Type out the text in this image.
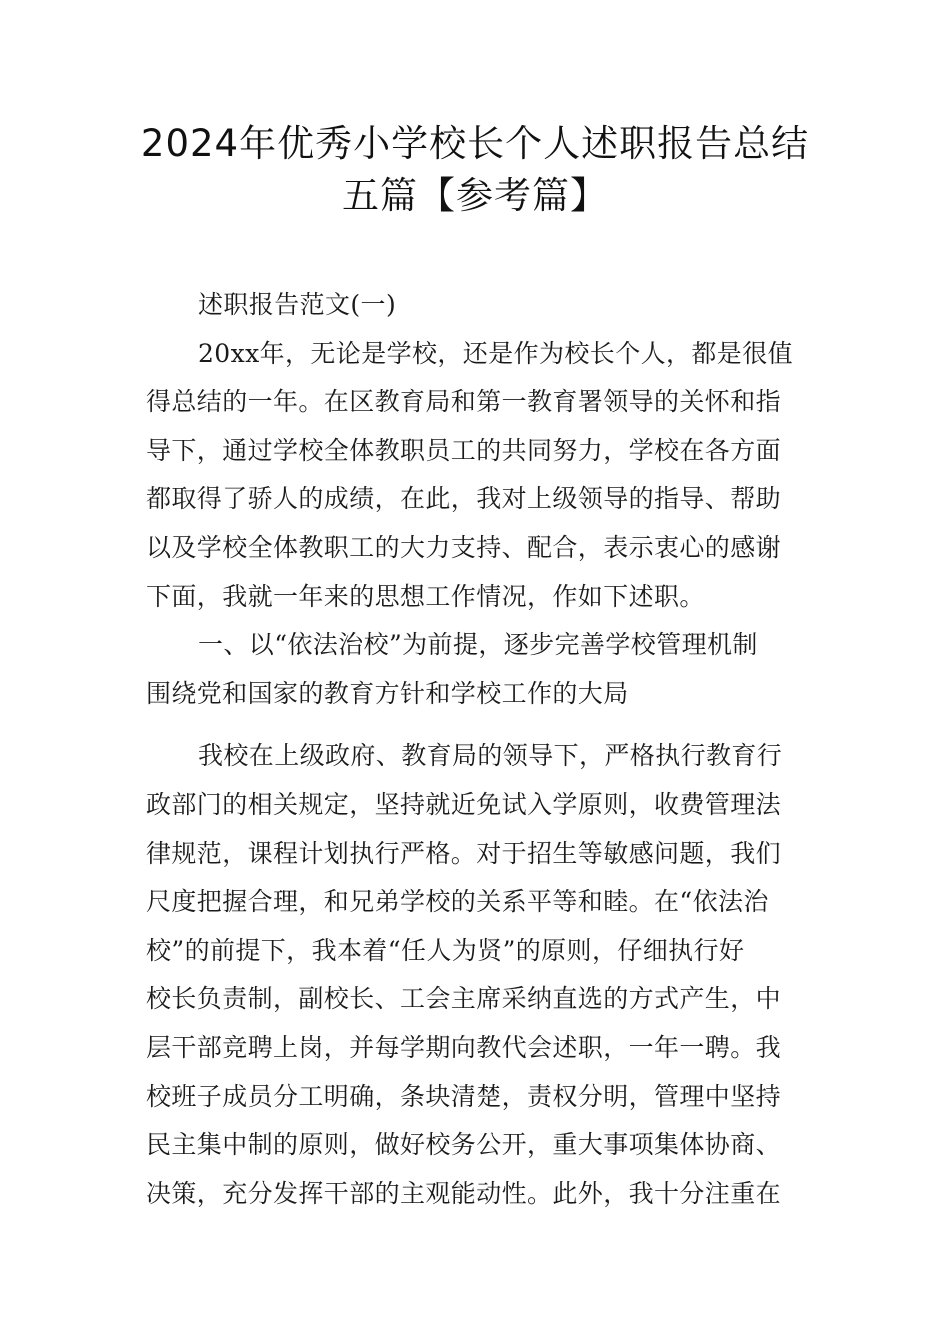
2024年优秀小学校长个人述职报告总结
五篇【参考篇】
述职报告范文(一)
20xx年，无论是学校，还是作为校长个人，都是很值
得总结的一年。在区教育局和第一教育署领导的关怀和指
导下，通过学校全体教职员工的共同努力，学校在各方面
都取得了骄人的成绩，在此，我对上级领导的指导、帮助
以及学校全体教职工的大力支持、配合，表示衷心的感谢
下面，我就一年来的思想工作情况，作如下述职。
一、以“依法治校”为前提，逐步完善学校管理机制
围绕党和国家的教育方针和学校工作的大局
我校在上级政府、教育局的领导下，严格执行教育行
政部门的相关规定，坚持就近免试入学原则，收费管理法
律规范，课程计划执行严格。对于招生等敏感问题，我们
尺度把握合理，和兄弟学校的关系平等和睦。在“依法治
校”的前提下，我本着“任人为贤”的原则，仔细执行好
校长负责制，副校长、工会主席采纳直选的方式产生，中
层干部竞聘上岗，并每学期向教代会述职，一年一聘。我
校班子成员分工明确，条块清楚，责权分明，管理中坚持
民主集中制的原则，做好校务公开，重大事项集体协商、
决策，充分发挥干部的主观能动性。此外，我十分注重在
